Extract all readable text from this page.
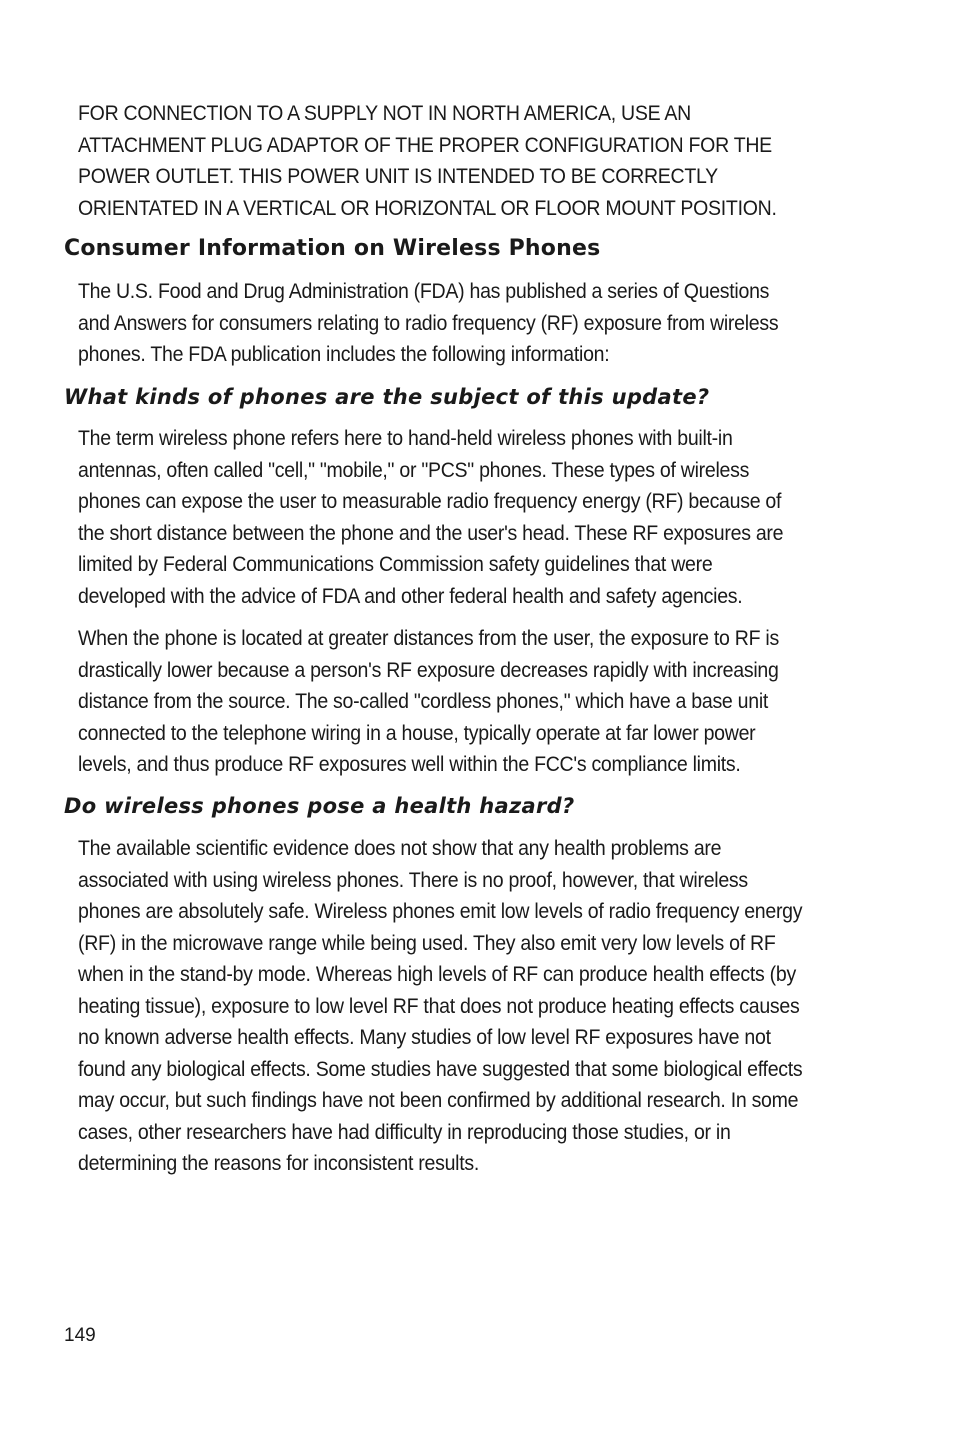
FOR CONNECTION TO A SUPPLY NOT IN NORTH AMERICA, USE AN ATTACHMENT PLUG ADAPTOR OF THE PROPER CONFIGURATION FOR THE POWER OUTLET. THIS POWER UNIT IS INTENDED TO BE CORRECTLY ORIENTATED IN A VERTICAL OR HORIZONTAL OR FLOOR MOUNT POSITION.

Consumer Information on Wireless Phones

The U.S. Food and Drug Administration (FDA) has published a series of Questions and Answers for consumers relating to radio frequency (RF) exposure from wireless phones. The FDA publication includes the following information:

What kinds of phones are the subject of this update?

The term wireless phone refers here to hand-held wireless phones with built-in antennas, often called "cell," "mobile," or "PCS" phones. These types of wireless phones can expose the user to measurable radio frequency energy (RF) because of the short distance between the phone and the user's head. These RF exposures are limited by Federal Communications Commission safety guidelines that were developed with the advice of FDA and other federal health and safety agencies.

When the phone is located at greater distances from the user, the exposure to RF is drastically lower because a person's RF exposure decreases rapidly with increasing distance from the source. The so-called "cordless phones," which have a base unit connected to the telephone wiring in a house, typically operate at far lower power levels, and thus produce RF exposures well within the FCC's compliance limits.

Do wireless phones pose a health hazard?

The available scientific evidence does not show that any health problems are associated with using wireless phones. There is no proof, however, that wireless phones are absolutely safe. Wireless phones emit low levels of radio frequency energy (RF) in the microwave range while being used. They also emit very low levels of RF when in the stand-by mode. Whereas high levels of RF can produce health effects (by heating tissue), exposure to low level RF that does not produce heating effects causes no known adverse health effects. Many studies of low level RF exposures have not found any biological effects. Some studies have suggested that some biological effects may occur, but such findings have not been confirmed by additional research. In some cases, other researchers have had difficulty in reproducing those studies, or in determining the reasons for inconsistent results.

149
